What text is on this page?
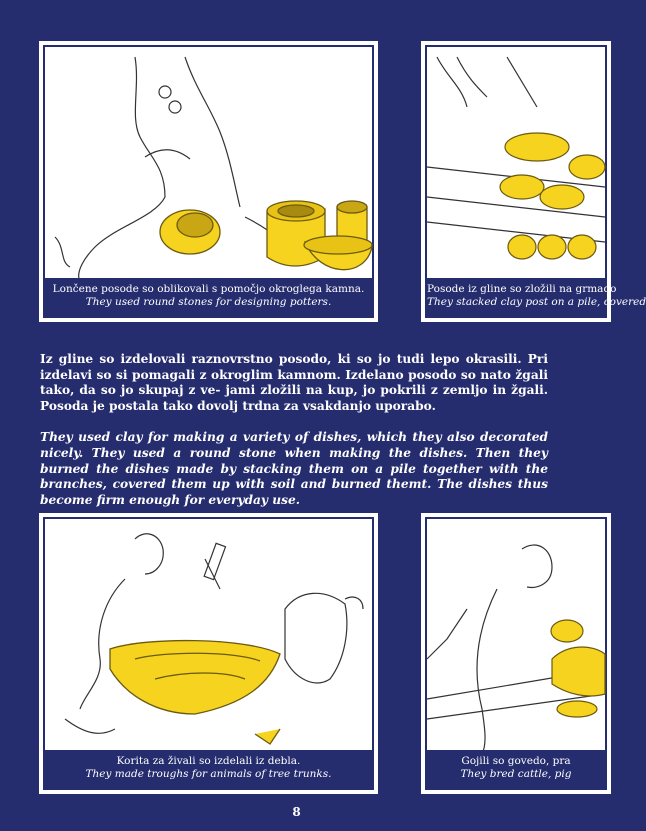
Lončene posode so oblikovali s pomočjo okroglega kamna.
They used round stones for designing potters.
Posode iz gline so zložili na grmado
They stacked clay post on a pile, covered

Iz gline so izdelovali raznovrstno posodo, ki so jo tudi lepo okrasili. Pri izdelavi so si pomagali z okroglim kamnom. Izdelano posodo so nato žgali tako, da so jo skupaj z ve- jami zložili na kup, jo pokrili z zemljo in žgali. Posoda je postala tako dovolj trdna za vsakdanjo uporabo.

They used clay for making a variety of dishes, which they also decorated nicely. They used a round stone when making the dishes. Then they burned the dishes made by stacking them on a pile together with the branches, covered them up with soil and burned themt. The dishes thus become firm enough for everyday use.

Korita za živali so izdelali iz debla.
They made troughs for animals of tree trunks.
Gojili so govedo, pra
They bred cattle, pig
8
